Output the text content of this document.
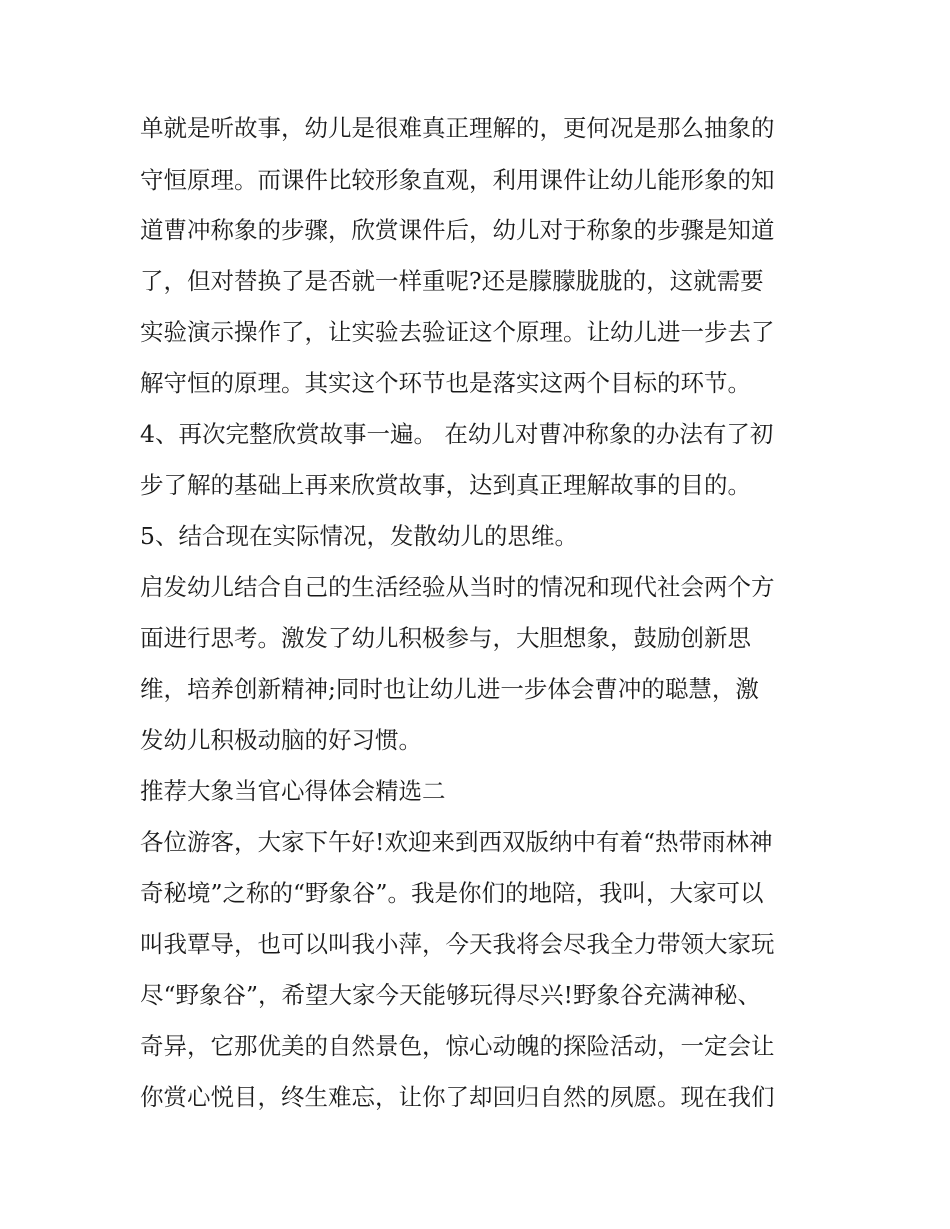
单就是听故事，幼儿是很难真正理解的，更何况是那么抽象的
守恒原理。而课件比较形象直观，利用课件让幼儿能形象的知
道曹冲称象的步骤，欣赏课件后，幼儿对于称象的步骤是知道
了，但对替换了是否就一样重呢?还是朦朦胧胧的，这就需要
实验演示操作了，让实验去验证这个原理。让幼儿进一步去了
解守恒的原理。其实这个环节也是落实这两个目标的环节。
4、再次完整欣赏故事一遍。 在幼儿对曹冲称象的办法有了初
步了解的基础上再来欣赏故事，达到真正理解故事的目的。
5、结合现在实际情况，发散幼儿的思维。
启发幼儿结合自己的生活经验从当时的情况和现代社会两个方
面进行思考。激发了幼儿积极参与，大胆想象，鼓励创新思
维，培养创新精神;同时也让幼儿进一步体会曹冲的聪慧，激
发幼儿积极动脑的好习惯。
推荐大象当官心得体会精选二
各位游客，大家下午好!欢迎来到西双版纳中有着“热带雨林神
奇秘境”之称的“野象谷”。我是你们的地陪，我叫，大家可以
叫我覃导，也可以叫我小萍，今天我将会尽我全力带领大家玩
尽“野象谷”，希望大家今天能够玩得尽兴!野象谷充满神秘、
奇异，它那优美的自然景色，惊心动魄的探险活动，一定会让
你赏心悦目，终生难忘，让你了却回归自然的夙愿。现在我们
